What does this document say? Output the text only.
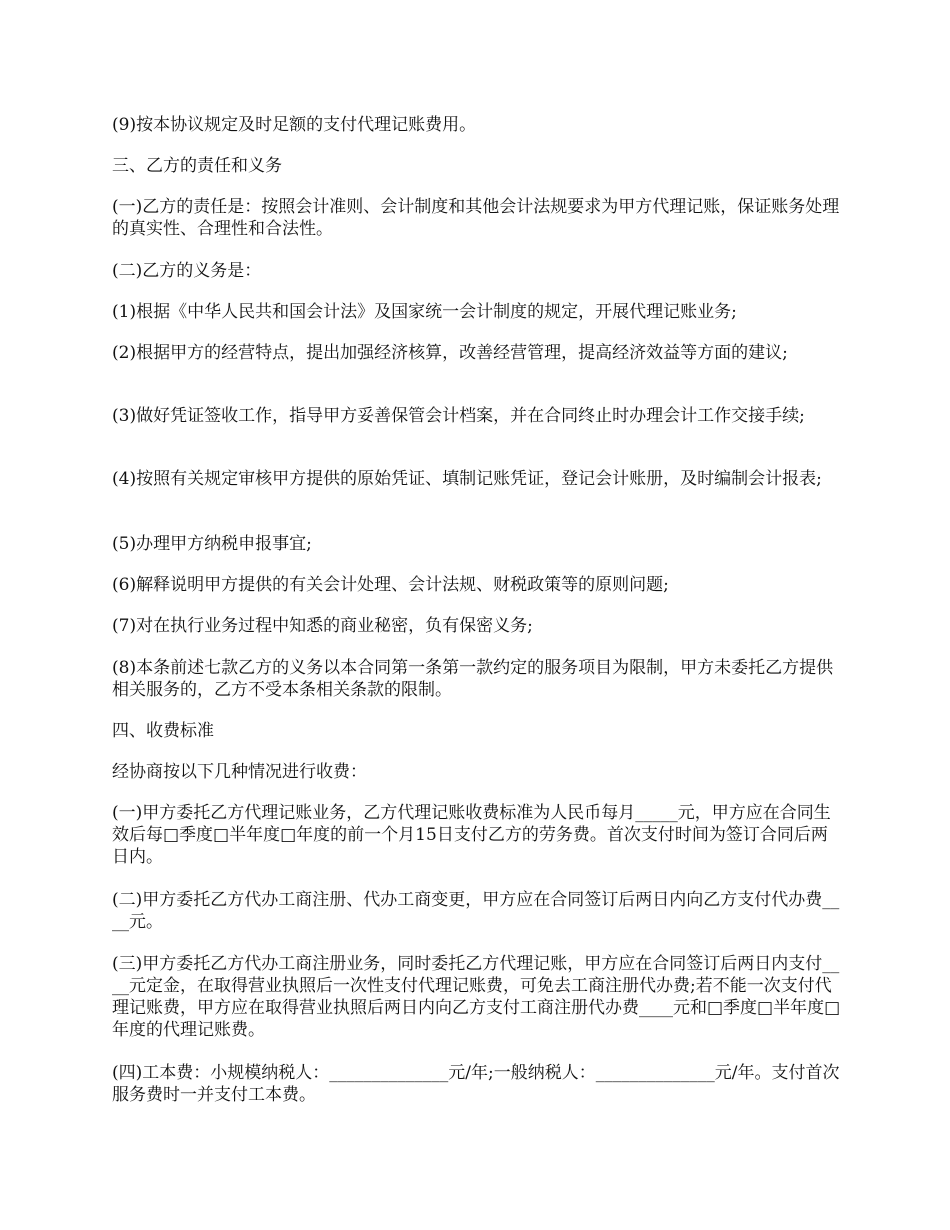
(9)按本协议规定及时足额的支付代理记账费用。

三、乙方的责任和义务

(一)乙方的责任是：按照会计准则、会计制度和其他会计法规要求为甲方代理记账，保证账务处理的真实性、合理性和合法性。

(二)乙方的义务是：

(1)根据《中华人民共和国会计法》及国家统一会计制度的规定，开展代理记账业务;

(2)根据甲方的经营特点，提出加强经济核算，改善经营管理，提高经济效益等方面的建议;

(3)做好凭证签收工作，指导甲方妥善保管会计档案，并在合同终止时办理会计工作交接手续;

(4)按照有关规定审核甲方提供的原始凭证、填制记账凭证，登记会计账册，及时编制会计报表;

(5)办理甲方纳税申报事宜;

(6)解释说明甲方提供的有关会计处理、会计法规、财税政策等的原则问题;

(7)对在执行业务过程中知悉的商业秘密，负有保密义务;

(8)本条前述七款乙方的义务以本合同第一条第一款约定的服务项目为限制，甲方未委托乙方提供相关服务的，乙方不受本条相关条款的限制。

四、收费标准

经协商按以下几种情况进行收费：

(一)甲方委托乙方代理记账业务，乙方代理记账收费标准为人民币每月_____元，甲方应在合同生效后每□季度□半年度□年度的前一个月15日支付乙方的劳务费。首次支付时间为签订合同后两日内。

(二)甲方委托乙方代办工商注册、代办工商变更，甲方应在合同签订后两日内向乙方支付代办费____元。

(三)甲方委托乙方代办工商注册业务，同时委托乙方代理记账，甲方应在合同签订后两日内支付____元定金，在取得营业执照后一次性支付代理记账费，可免去工商注册代办费;若不能一次支付代理记账费，甲方应在取得营业执照后两日内向乙方支付工商注册代办费____元和□季度□半年度□年度的代理记账费。

(四)工本费：小规模纳税人：______________元/年;一般纳税人：______________元/年。支付首次服务费时一并支付工本费。
